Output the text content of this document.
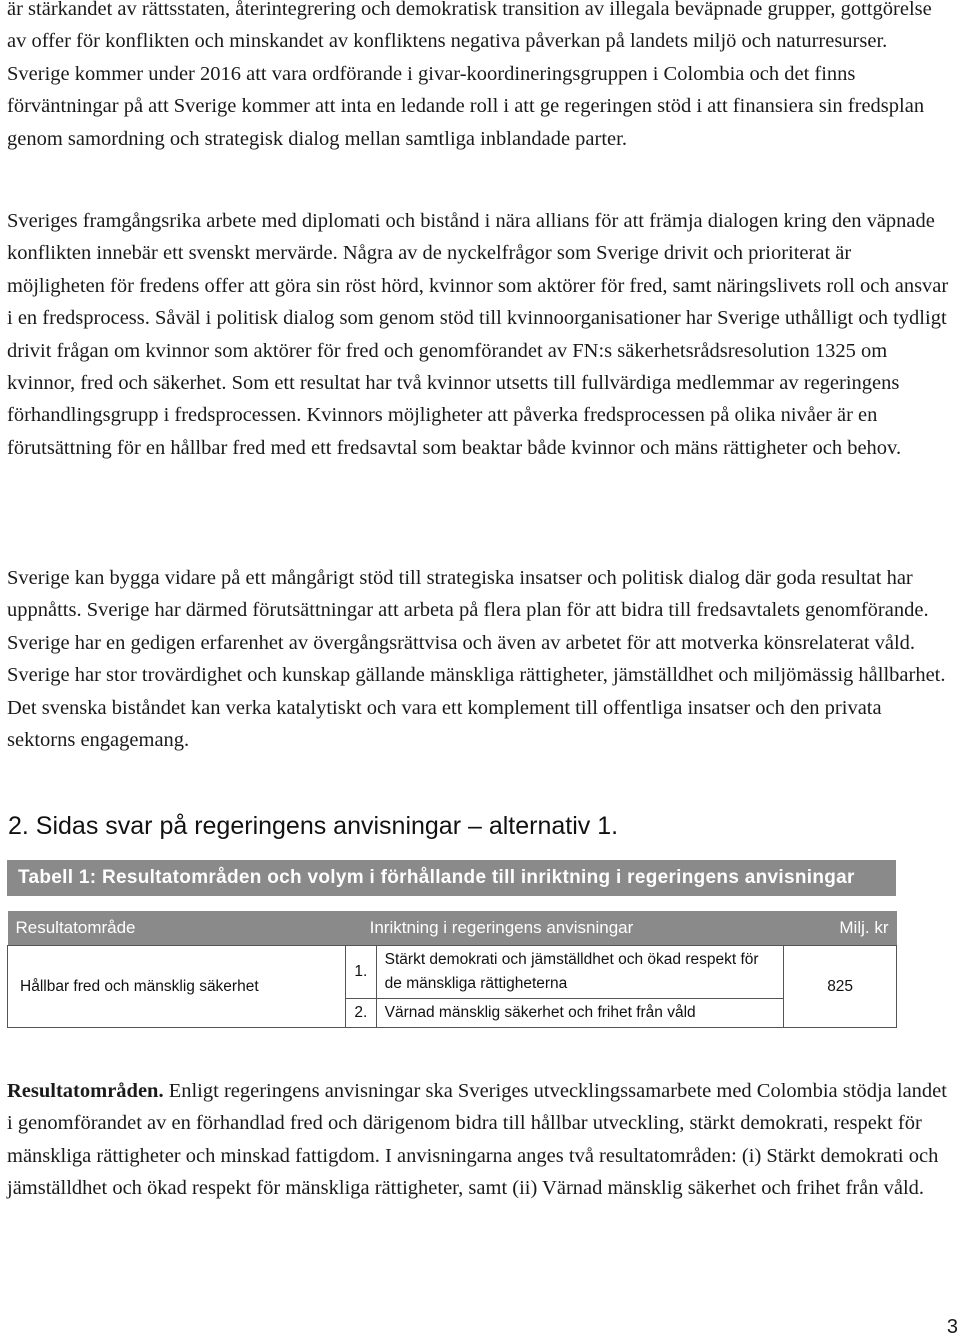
är stärkandet av rättsstaten, återintegrering och demokratisk transition av illegala beväpnade grupper, gottgörelse av offer för konflikten och minskandet av konfliktens negativa påverkan på landets miljö och naturresurser. Sverige kommer under 2016 att vara ordförande i givar-koordineringsgruppen i Colombia och det finns förväntningar på att Sverige kommer att inta en ledande roll i att ge regeringen stöd i att finansiera sin fredsplan genom samordning och strategisk dialog mellan samtliga inblandade parter.

Sveriges framgångsrika arbete med diplomati och bistånd i nära allians för att främja dialogen kring den väpnade konflikten innebär ett svenskt mervärde. Några av de nyckelfrågor som Sverige drivit och prioriterat är möjligheten för fredens offer att göra sin röst hörd, kvinnor som aktörer för fred, samt näringslivets roll och ansvar i en fredsprocess. Såväl i politisk dialog som genom stöd till kvinnoorganisationer har Sverige uthålligt och tydligt drivit frågan om kvinnor som aktörer för fred och genomförandet av FN:s säkerhetsrådsresolution 1325 om kvinnor, fred och säkerhet. Som ett resultat har två kvinnor utsetts till fullvärdiga medlemmar av regeringens förhandlingsgrupp i fredsprocessen. Kvinnors möjligheter att påverka fredsprocessen på olika nivåer är en förutsättning för en hållbar fred med ett fredsavtal som beaktar både kvinnor och mäns rättigheter och behov.

Sverige kan bygga vidare på ett mångårigt stöd till strategiska insatser och politisk dialog där goda resultat har uppnåtts. Sverige har därmed förutsättningar att arbeta på flera plan för att bidra till fredsavtalets genomförande. Sverige har en gedigen erfarenhet av övergångsrättvisa och även av arbetet för att motverka könsrelaterat våld. Sverige har stor trovärdighet och kunskap gällande mänskliga rättigheter, jämställdhet och miljömässig hållbarhet. Det svenska biståndet kan verka katalytiskt och vara ett komplement till offentliga insatser och den privata sektorns engagemang.

2. Sidas svar på regeringens anvisningar – alternativ 1.
Tabell 1: Resultatområden och volym i förhållande till inriktning i regeringens anvisningar
Resultatområde	Inriktning i regeringens anvisningar		Milj. kr
Hållbar fred och mänsklig säkerhet	1.	Stärkt demokrati och jämställdhet och ökad respekt för de mänskliga rättigheterna	825
	2.	Värnad mänsklig säkerhet och frihet från våld	

Resultatområden. Enligt regeringens anvisningar ska Sveriges utvecklingssamarbete med Colombia stödja landet i genomförandet av en förhandlad fred och därigenom bidra till hållbar utveckling, stärkt demokrati, respekt för mänskliga rättigheter och minskad fattigdom. I anvisningarna anges två resultatområden: (i) Stärkt demokrati och jämställdhet och ökad respekt för mänskliga rättigheter, samt (ii) Värnad mänsklig säkerhet och frihet från våld.

3
